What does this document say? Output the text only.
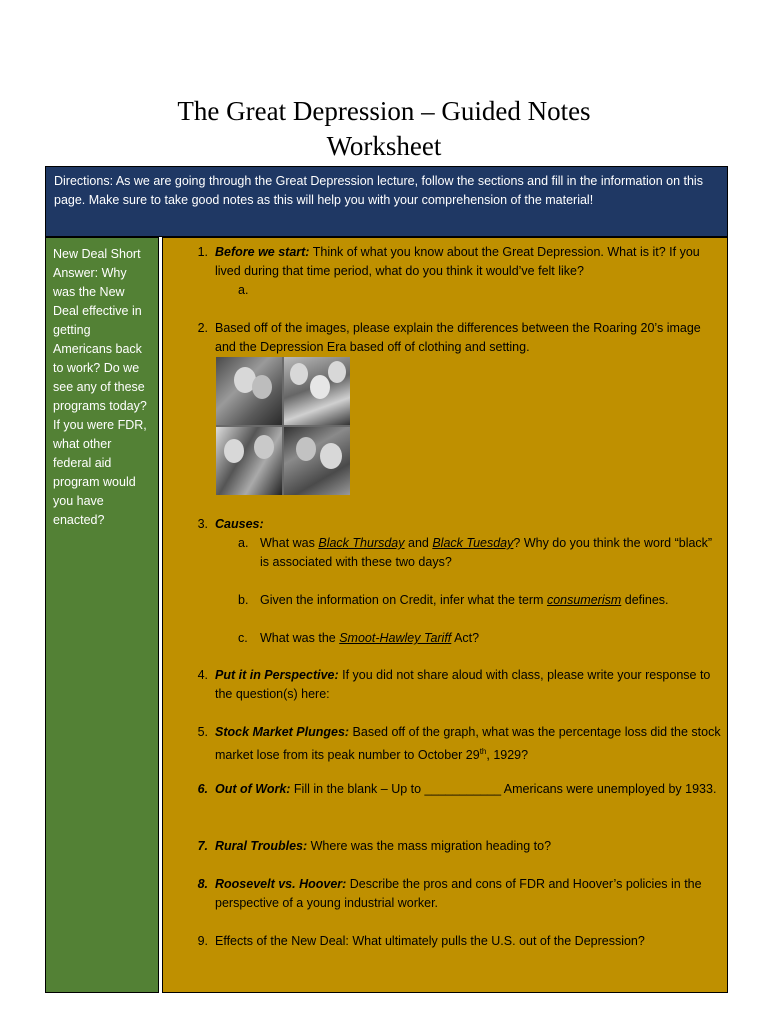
The Great Depression – Guided Notes
Worksheet
Directions: As we are going through the Great Depression lecture, follow the sections and fill in the information on this page. Make sure to take good notes as this will help you with your comprehension of the material!
New Deal Short Answer: Why was the New Deal effective in getting Americans back to work? Do we see any of these programs today? If you were FDR, what other federal aid program would you have enacted?
1. Before we start: Think of what you know about the Great Depression. What is it? If you lived during that time period, what do you think it would’ve felt like?
a.
2. Based off of the images, please explain the differences between the Roaring 20’s image and the Depression Era based off of clothing and setting.
3. Causes:
a. What was Black Thursday and Black Tuesday? Why do you think the word “black” is associated with these two days?
b. Given the information on Credit, infer what the term consumerism defines.
c. What was the Smoot-Hawley Tariff Act?
4. Put it in Perspective: If you did not share aloud with class, please write your response to the question(s) here:
5. Stock Market Plunges: Based off of the graph, what was the percentage loss did the stock market lose from its peak number to October 29th, 1929?
6. Out of Work: Fill in the blank – Up to ___________ Americans were unemployed by 1933.
7. Rural Troubles: Where was the mass migration heading to?
8. Roosevelt vs. Hoover: Describe the pros and cons of FDR and Hoover’s policies in the perspective of a young industrial worker.
9. Effects of the New Deal: What ultimately pulls the U.S. out of the Depression?
